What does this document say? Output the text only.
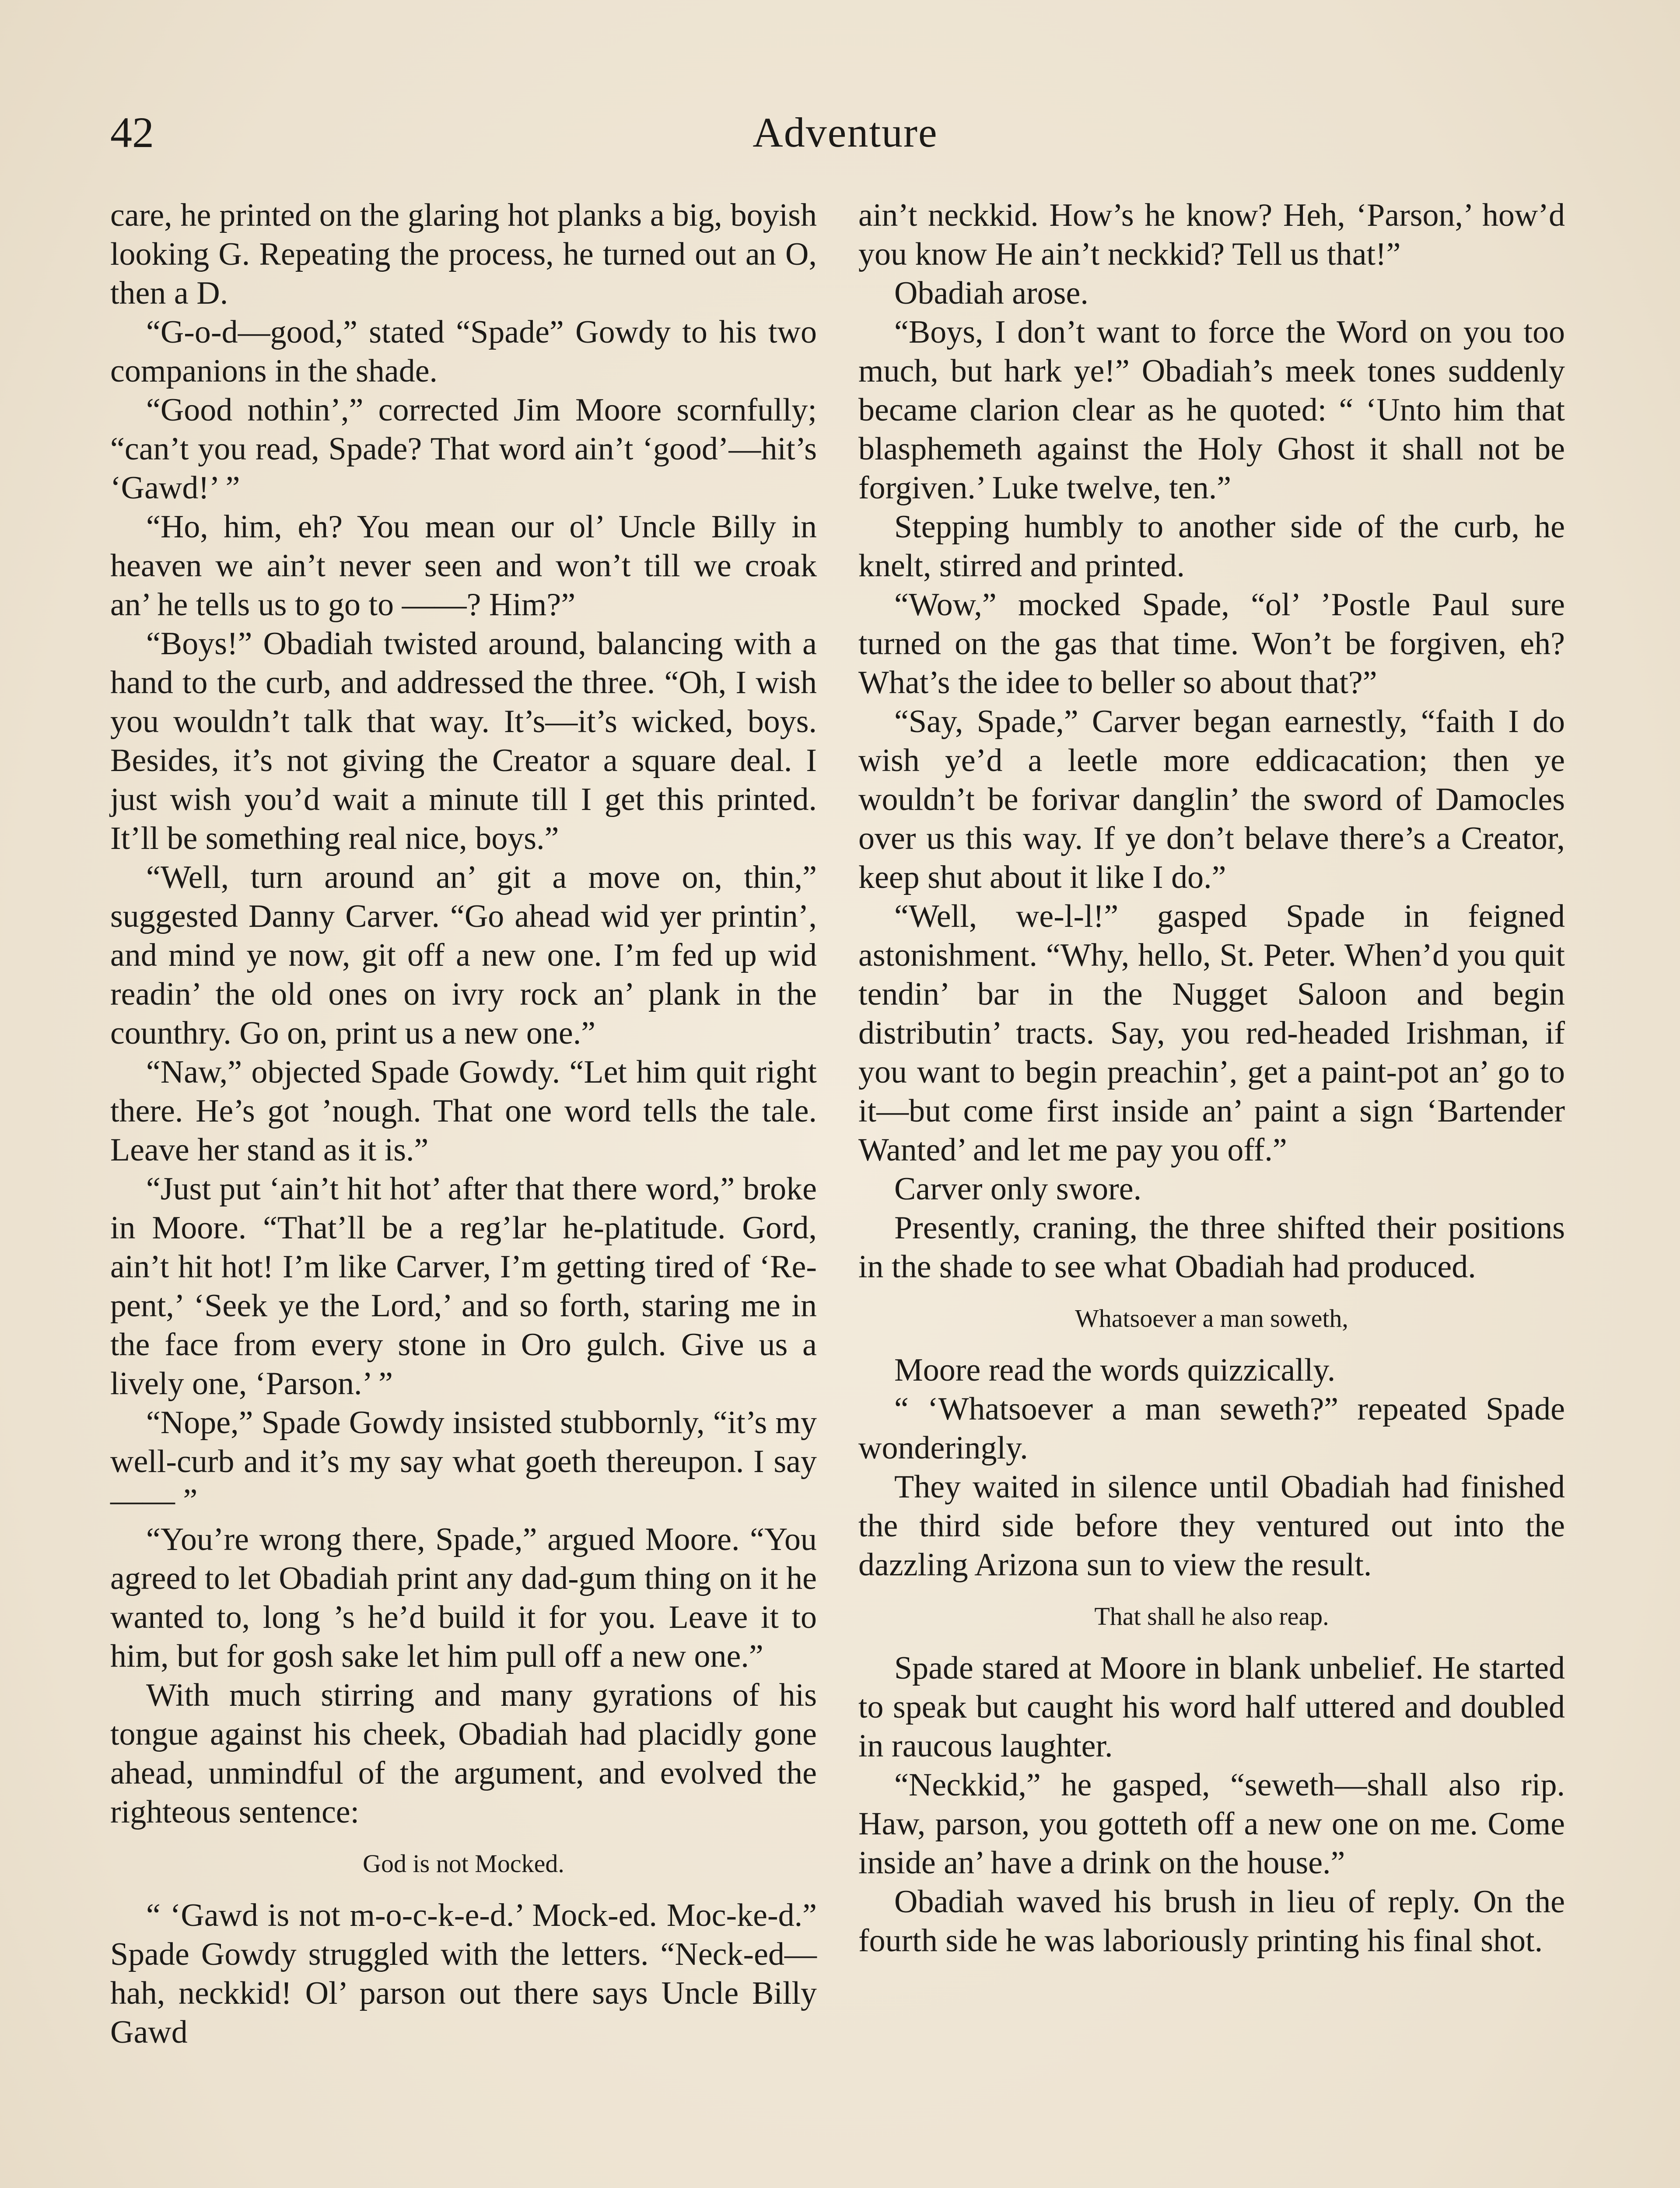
42	Adventure

care, he printed on the glaring hot planks a big, boyish looking G. Repeating the process, he turned out an O, then a D.

“G-o-d—good,” stated “Spade” Gowdy to his two companions in the shade.

“Good nothin’,” corrected Jim Moore scornfully; “can’t you read, Spade? That word ain’t ‘good’—hit’s ‘Gawd!’ ”

“Ho, him, eh? You mean our ol’ Uncle Billy in heaven we ain’t never seen and won’t till we croak an’ he tells us to go to ——? Him?”

“Boys!” Obadiah twisted around, balancing with a hand to the curb, and addressed the three. “Oh, I wish you wouldn’t talk that way. It’s—it’s wicked, boys. Besides, it’s not giving the Creator a square deal. I just wish you’d wait a minute till I get this printed. It’ll be something real nice, boys.”

“Well, turn around an’ git a move on, thin,” suggested Danny Carver. “Go ahead wid yer printin’, and mind ye now, git off a new one. I’m fed up wid readin’ the old ones on ivry rock an’ plank in the counthry. Go on, print us a new one.”

“Naw,” objected Spade Gowdy. “Let him quit right there. He’s got ’nough. That one word tells the tale. Leave her stand as it is.”

“Just put ‘ain’t hit hot’ after that there word,” broke in Moore. “That’ll be a reg’lar he-platitude. Gord, ain’t hit hot! I’m like Carver, I’m getting tired of ‘Repent,’ ‘Seek ye the Lord,’ and so forth, staring me in the face from every stone in Oro gulch. Give us a lively one, ‘Parson.’ ”

“Nope,” Spade Gowdy insisted stubbornly, “it’s my well-curb and it’s my say what goeth thereupon. I say—— ”

“You’re wrong there, Spade,” argued Moore. “You agreed to let Obadiah print any dad-gum thing on it he wanted to, long ’s he’d build it for you. Leave it to him, but for gosh sake let him pull off a new one.”

With much stirring and many gyrations of his tongue against his cheek, Obadiah had placidly gone ahead, unmindful of the argument, and evolved the righteous sentence:

God is not Mocked.

“ ‘Gawd is not m-o-c-k-e-d.’ Mock-ed. Moc-ke-d.” Spade Gowdy struggled with the letters. “Neck-ed—hah, neckkid! Ol’ parson out there says Uncle Billy Gawd

ain’t neckkid. How’s he know? Heh, ‘Parson,’ how’d you know He ain’t neckkid? Tell us that!”

Obadiah arose.

“Boys, I don’t want to force the Word on you too much, but hark ye!” Obadiah’s meek tones suddenly became clarion clear as he quoted: “ ‘Unto him that blasphemeth against the Holy Ghost it shall not be forgiven.’ Luke twelve, ten.”

Stepping humbly to another side of the curb, he knelt, stirred and printed.

“Wow,” mocked Spade, “ol’ ’Postle Paul sure turned on the gas that time. Won’t be forgiven, eh? What’s the idee to beller so about that?”

“Say, Spade,” Carver began earnestly, “faith I do wish ye’d a leetle more eddicacation; then ye wouldn’t be forivar danglin’ the sword of Damocles over us this way. If ye don’t belave there’s a Creator, keep shut about it like I do.”

“Well, we-l-l!” gasped Spade in feigned astonishment. “Why, hello, St. Peter. When’d you quit tendin’ bar in the Nugget Saloon and begin distributin’ tracts. Say, you red-headed Irishman, if you want to begin preachin’, get a paint-pot an’ go to it—but come first inside an’ paint a sign ‘Bartender Wanted’ and let me pay you off.”

Carver only swore.

Presently, craning, the three shifted their positions in the shade to see what Obadiah had produced.

Whatsoever a man soweth,

Moore read the words quizzically.

“ ‘Whatsoever a man seweth?” repeated Spade wonderingly.

They waited in silence until Obadiah had finished the third side before they ventured out into the dazzling Arizona sun to view the result.

That shall he also reap.

Spade stared at Moore in blank unbelief. He started to speak but caught his word half uttered and doubled in raucous laughter.

“Neckkid,” he gasped, “seweth—shall also rip. Haw, parson, you gotteth off a new one on me. Come inside an’ have a drink on the house.”

Obadiah waved his brush in lieu of reply. On the fourth side he was laboriously printing his final shot.
